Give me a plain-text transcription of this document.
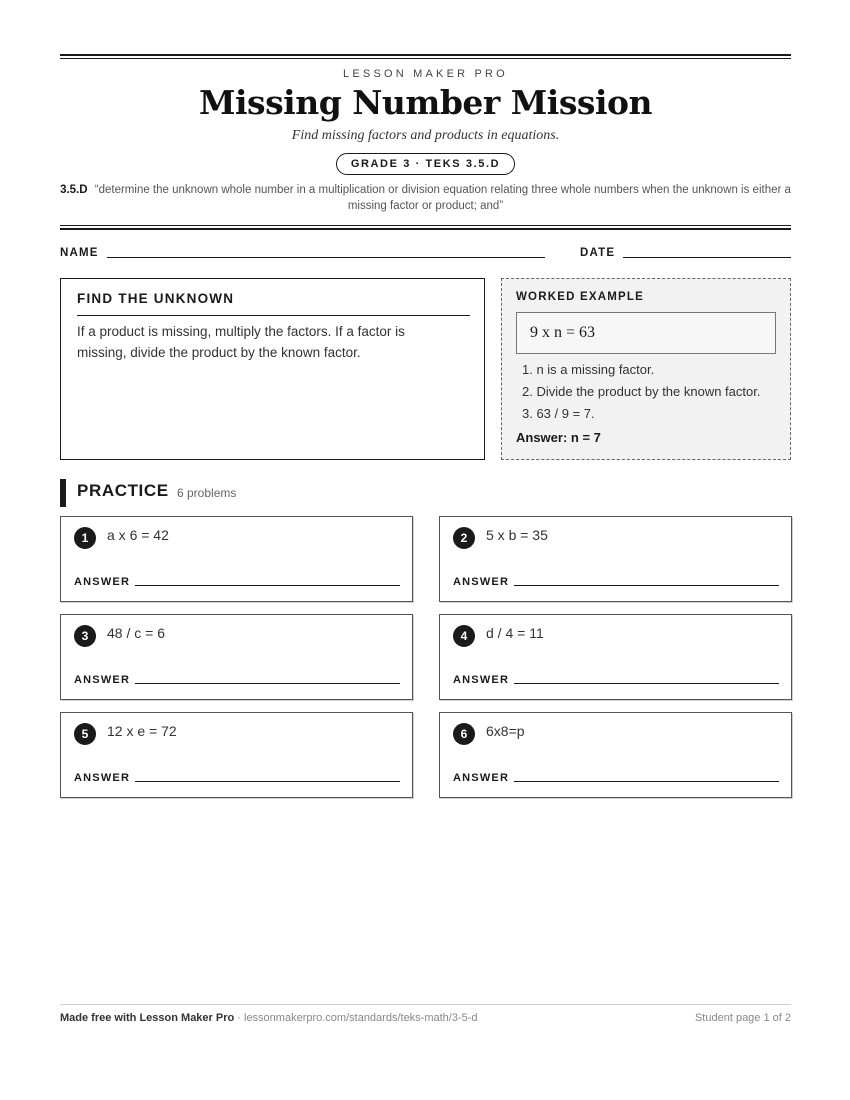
LESSON MAKER PRO
Missing Number Mission
Find missing factors and products in equations.
GRADE 3 · TEKS 3.5.D
3.5.D “determine the unknown whole number in a multiplication or division equation relating three whole numbers when the unknown is either a missing factor or product; and”
NAME	DATE
FIND THE UNKNOWN

If a product is missing, multiply the factors. If a factor is missing, divide the product by the known factor.

WORKED EXAMPLE
9 x n = 63
1. n is a missing factor.
2. Divide the product by the known factor.
3. 63 / 9 = 7.
Answer: n = 7
PRACTICE 6 problems
1	a x 6 = 42
ANSWER
2	5 x b = 35
ANSWER
3	48 / c = 6
ANSWER
4	d / 4 = 11
ANSWER
5	12 x e = 72
ANSWER
6	6x8=p
ANSWER
Made free with Lesson Maker Pro · lessonmakerpro.com/standards/teks-math/3-5-d	Student page 1 of 2
